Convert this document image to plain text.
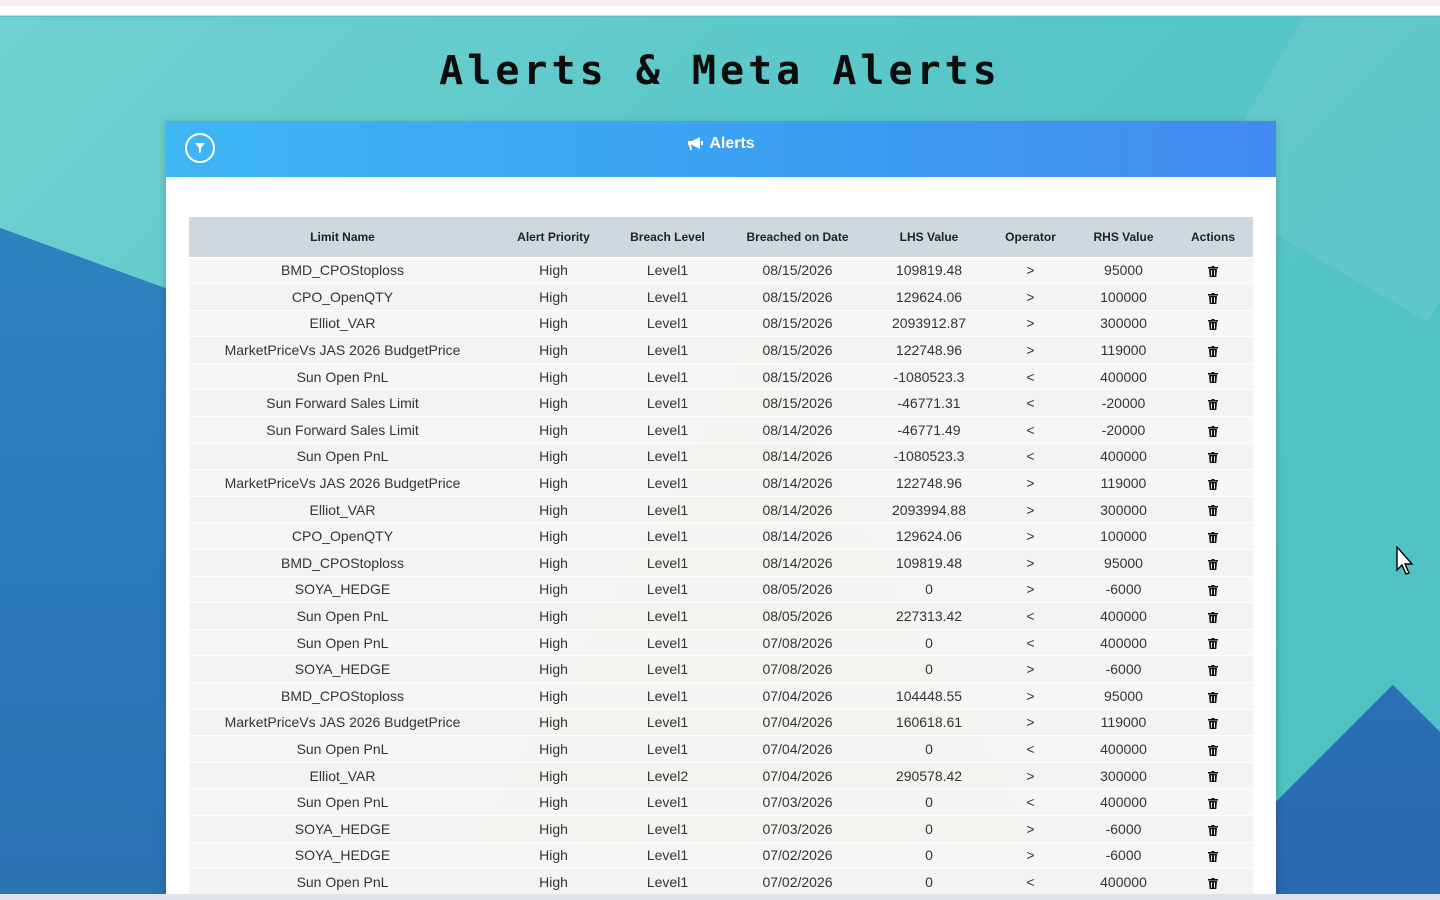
Alerts & Meta Alerts
Alerts
Limit Name	Alert Priority	Breach Level	Breached on Date	LHS Value	Operator	RHS Value	Actions
BMD_CPOStoploss	High	Level1	08/15/2026	109819.48	>	95000	
CPO_OpenQTY	High	Level1	08/15/2026	129624.06	>	100000	
Elliot_VAR	High	Level1	08/15/2026	2093912.87	>	300000	
MarketPriceVs JAS 2026 BudgetPrice	High	Level1	08/15/2026	122748.96	>	119000	
Sun Open PnL	High	Level1	08/15/2026	-1080523.3	<	400000	
Sun Forward Sales Limit	High	Level1	08/15/2026	-46771.31	<	-20000	
Sun Forward Sales Limit	High	Level1	08/14/2026	-46771.49	<	-20000	
Sun Open PnL	High	Level1	08/14/2026	-1080523.3	<	400000	
MarketPriceVs JAS 2026 BudgetPrice	High	Level1	08/14/2026	122748.96	>	119000	
Elliot_VAR	High	Level1	08/14/2026	2093994.88	>	300000	
CPO_OpenQTY	High	Level1	08/14/2026	129624.06	>	100000	
BMD_CPOStoploss	High	Level1	08/14/2026	109819.48	>	95000	
SOYA_HEDGE	High	Level1	08/05/2026	0	>	-6000	
Sun Open PnL	High	Level1	08/05/2026	227313.42	<	400000	
Sun Open PnL	High	Level1	07/08/2026	0	<	400000	
SOYA_HEDGE	High	Level1	07/08/2026	0	>	-6000	
BMD_CPOStoploss	High	Level1	07/04/2026	104448.55	>	95000	
MarketPriceVs JAS 2026 BudgetPrice	High	Level1	07/04/2026	160618.61	>	119000	
Sun Open PnL	High	Level1	07/04/2026	0	<	400000	
Elliot_VAR	High	Level2	07/04/2026	290578.42	>	300000	
Sun Open PnL	High	Level1	07/03/2026	0	<	400000	
SOYA_HEDGE	High	Level1	07/03/2026	0	>	-6000	
SOYA_HEDGE	High	Level1	07/02/2026	0	>	-6000	
Sun Open PnL	High	Level1	07/02/2026	0	<	400000	
